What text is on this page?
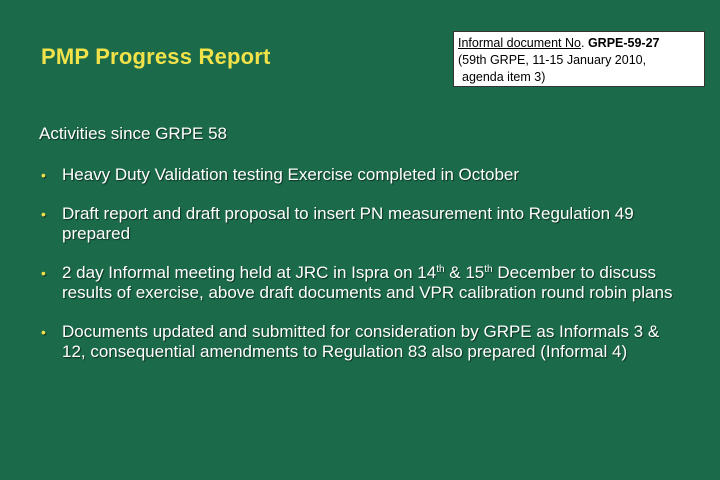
PMP Progress Report
Informal document No. GRPE-59-27
(59th GRPE, 11-15 January 2010,
agenda item 3)
Activities since GRPE 58
• Heavy Duty Validation testing Exercise completed in October
• Draft report and draft proposal to insert PN measurement into Regulation 49 prepared
• 2 day Informal meeting held at JRC in Ispra on 14th & 15th December to discuss results of exercise, above draft documents and VPR calibration round robin plans
• Documents updated and submitted for consideration by GRPE as Informals 3 & 12, consequential amendments to Regulation 83 also prepared (Informal 4)
